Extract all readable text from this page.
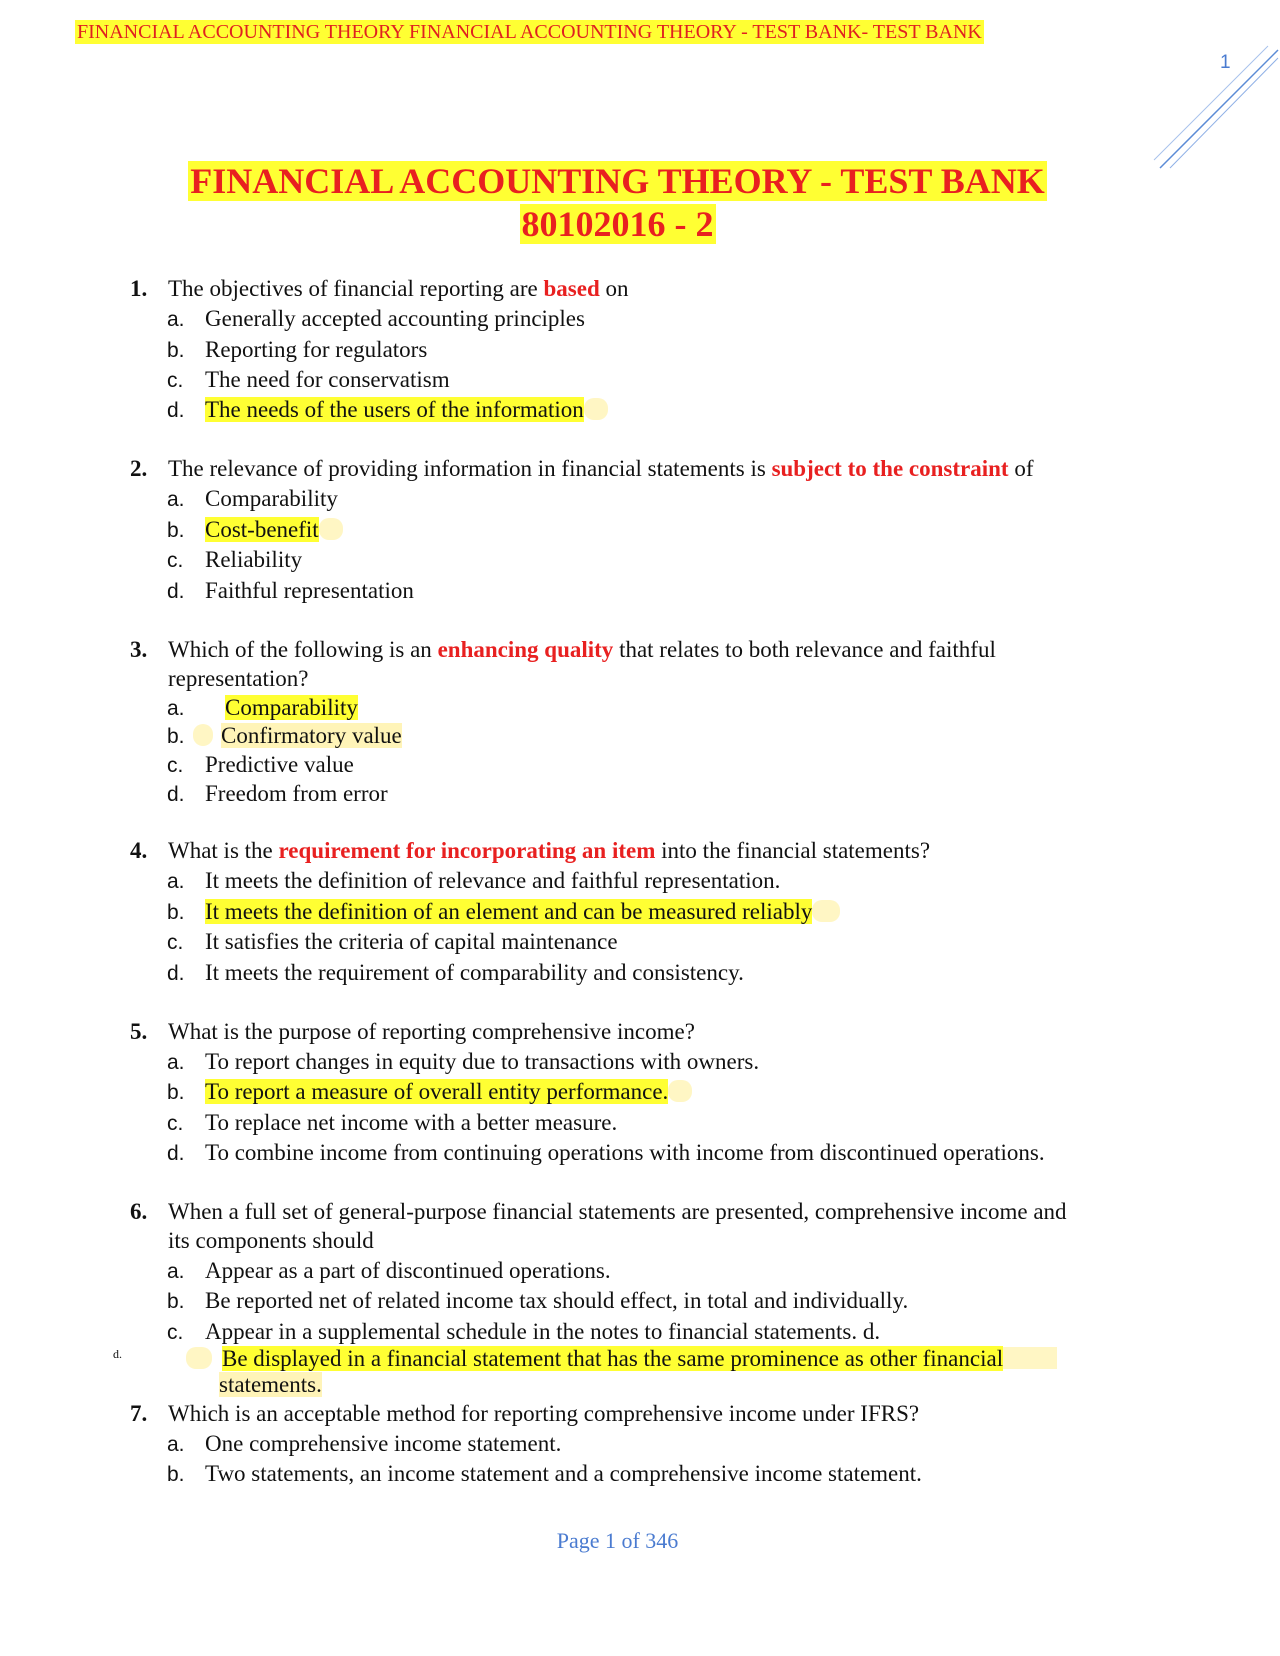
FINANCIAL ACCOUNTING THEORY FINANCIAL ACCOUNTING THEORY - TEST BANK- TEST BANK
1
FINANCIAL ACCOUNTING THEORY - TEST BANK
80102016 - 2
1. The objectives of financial reporting are based on
a. Generally accepted accounting principles
b. Reporting for regulators
c. The need for conservatism
d. The needs of the users of the information
2. The relevance of providing information in financial statements is subject to the constraint of
a. Comparability
b. Cost-benefit
c. Reliability
d. Faithful representation
3. Which of the following is an enhancing quality that relates to both relevance and faithful
representation?
a. Comparability
b. Confirmatory value
c. Predictive value
d. Freedom from error
4. What is the requirement for incorporating an item into the financial statements?
a. It meets the definition of relevance and faithful representation.
b. It meets the definition of an element and can be measured reliably
c. It satisfies the criteria of capital maintenance
d. It meets the requirement of comparability and consistency.
5. What is the purpose of reporting comprehensive income?
a. To report changes in equity due to transactions with owners.
b. To report a measure of overall entity performance.
c. To replace net income with a better measure.
d. To combine income from continuing operations with income from discontinued operations.
6. When a full set of general-purpose financial statements are presented, comprehensive income and
its components should
a. Appear as a part of discontinued operations.
b. Be reported net of related income tax should effect, in total and individually.
c. Appear in a supplemental schedule in the notes to financial statements. d.
d.	Be displayed in a financial statement that has the same prominence as other financial
statements.
7. Which is an acceptable method for reporting comprehensive income under IFRS?
a. One comprehensive income statement.
b. Two statements, an income statement and a comprehensive income statement.
Page 1 of 346
